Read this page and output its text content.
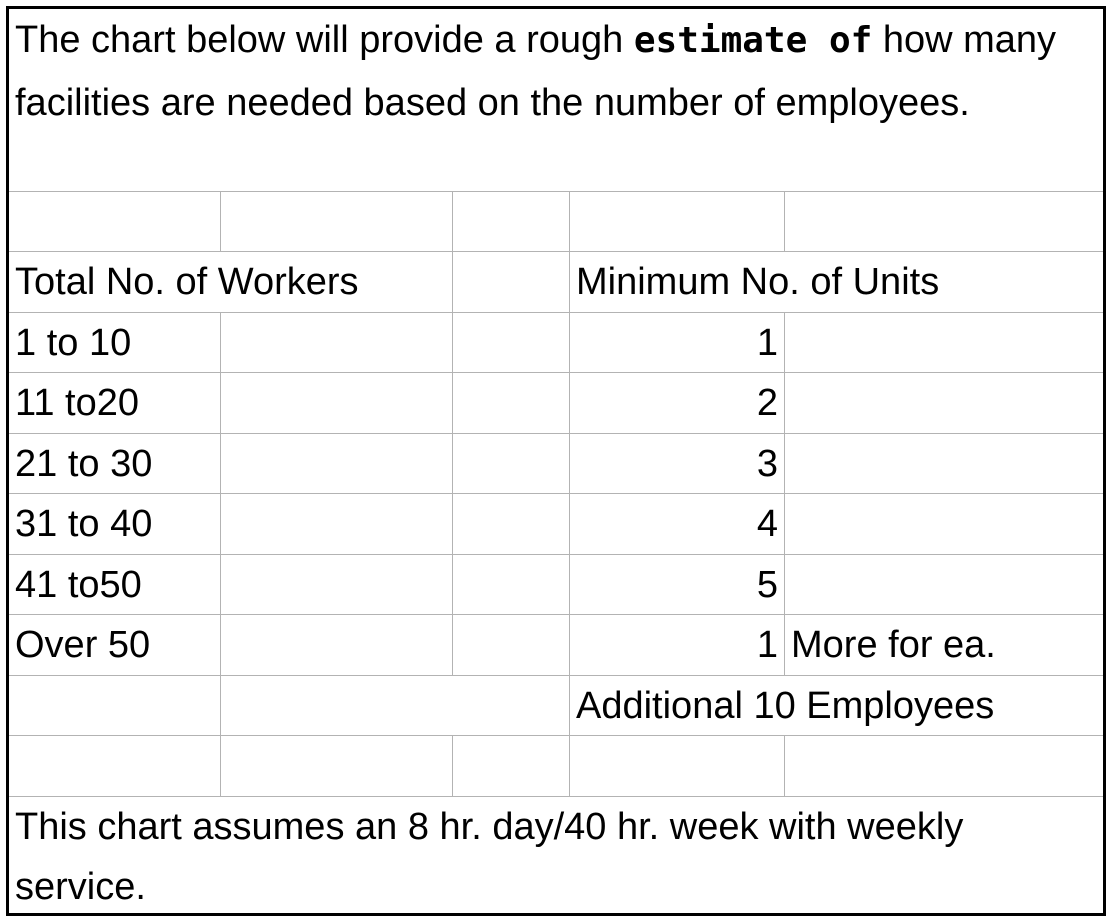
The chart below will provide a rough estimate of how many facilities are needed based on the number of employees.
Total No. of Workers	Minimum No. of Units
1 to 10	1
11 to20	2
21 to 30	3
31 to 40	4
41 to50	5
Over 50	1 More for ea.
Additional 10 Employees
This chart assumes an 8 hr. day/40 hr. week with weekly service.
